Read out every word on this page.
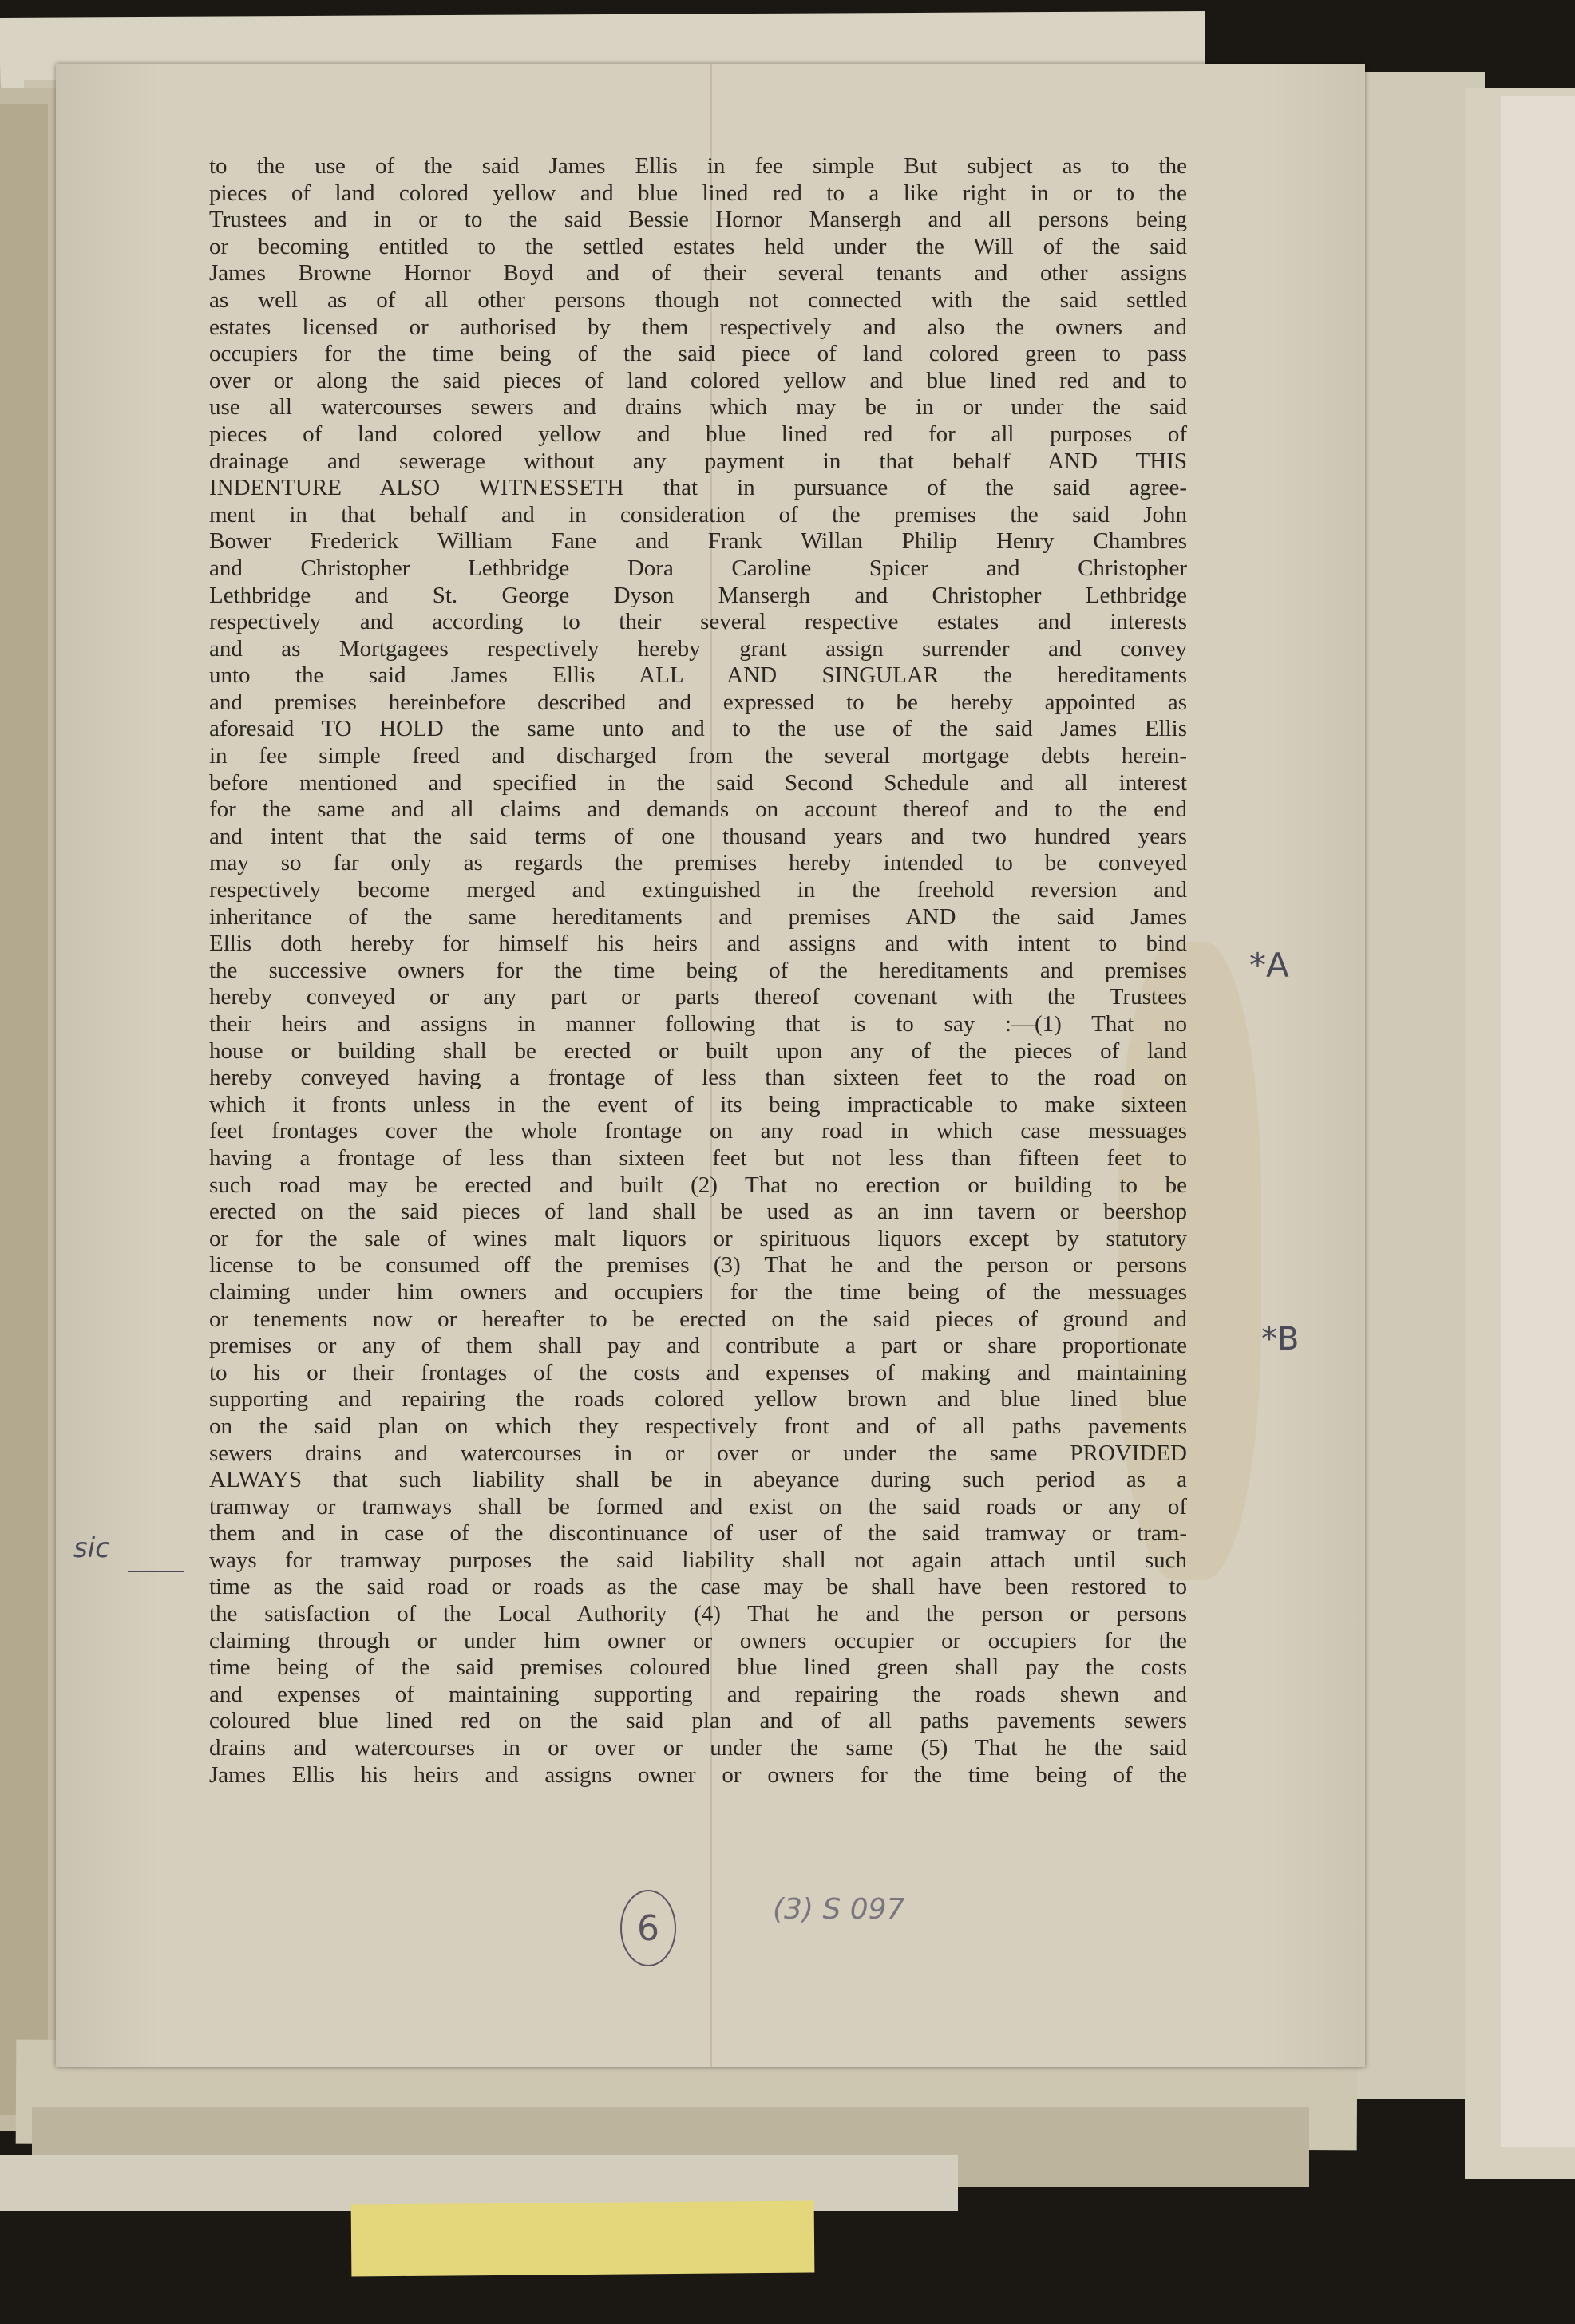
to the use of the said James Ellis in fee simple But subject as to the
pieces of land colored yellow and blue lined red to a like right in or to the
Trustees and in or to the said Bessie Hornor Mansergh and all persons being
or becoming entitled to the settled estates held under the Will of the said
James Browne Hornor Boyd and of their several tenants and other assigns
as well as of all other persons though not connected with the said settled
estates licensed or authorised by them respectively and also the owners and
occupiers for the time being of the said piece of land colored green to pass
over or along the said pieces of land colored yellow and blue lined red and to
use all watercourses sewers and drains which may be in or under the said
pieces of land colored yellow and blue lined red for all purposes of
drainage and sewerage without any payment in that behalf AND THIS
INDENTURE ALSO WITNESSETH that in pursuance of the said agree-
ment in that behalf and in consideration of the premises the said John
Bower Frederick William Fane and Frank Willan Philip Henry Chambres
and Christopher Lethbridge Dora Caroline Spicer and Christopher
Lethbridge and St. George Dyson Mansergh and Christopher Lethbridge
respectively and according to their several respective estates and interests
and as Mortgagees respectively hereby grant assign surrender and convey
unto the said James Ellis ALL AND SINGULAR the hereditaments
and premises hereinbefore described and expressed to be hereby appointed as
aforesaid TO HOLD the same unto and to the use of the said James Ellis
in fee simple freed and discharged from the several mortgage debts herein-
before mentioned and specified in the said Second Schedule and all interest
for the same and all claims and demands on account thereof and to the end
and intent that the said terms of one thousand years and two hundred years
may so far only as regards the premises hereby intended to be conveyed
respectively become merged and extinguished in the freehold reversion and
inheritance of the same hereditaments and premises AND the said James
Ellis doth hereby for himself his heirs and assigns and with intent to bind
the successive owners for the time being of the hereditaments and premises
hereby conveyed or any part or parts thereof covenant with the Trustees
their heirs and assigns in manner following that is to say :—(1) That no
house or building shall be erected or built upon any of the pieces of land
hereby conveyed having a frontage of less than sixteen feet to the road on
which it fronts unless in the event of its being impracticable to make sixteen
feet frontages cover the whole frontage on any road in which case messuages
having a frontage of less than sixteen feet but not less than fifteen feet to
such road may be erected and built (2) That no erection or building to be
erected on the said pieces of land shall be used as an inn tavern or beershop
or for the sale of wines malt liquors or spirituous liquors except by statutory
license to be consumed off the premises (3) That he and the person or persons
claiming under him owners and occupiers for the time being of the messuages
or tenements now or hereafter to be erected on the said pieces of ground and
premises or any of them shall pay and contribute a part or share proportionate
to his or their frontages of the costs and expenses of making and maintaining
supporting and repairing the roads colored yellow brown and blue lined blue
on the said plan on which they respectively front and of all paths pavements
sewers drains and watercourses in or over or under the same PROVIDED
ALWAYS that such liability shall be in abeyance during such period as a
tramway or tramways shall be formed and exist on the said roads or any of
them and in case of the discontinuance of user of the said tramway or tram-
ways for tramway purposes the said liability shall not again attach until such
time as the said road or roads as the case may be shall have been restored to
the satisfaction of the Local Authority (4) That he and the person or persons
claiming through or under him owner or owners occupier or occupiers for the
time being of the said premises coloured blue lined green shall pay the costs
and expenses of maintaining supporting and repairing the roads shewn and
coloured blue lined red on the said plan and of all paths pavements sewers
drains and watercourses in or over or under the same (5) That he the said
James Ellis his heirs and assigns owner or owners for the time being of the
sic
*A
*B
6	(3) S 097
